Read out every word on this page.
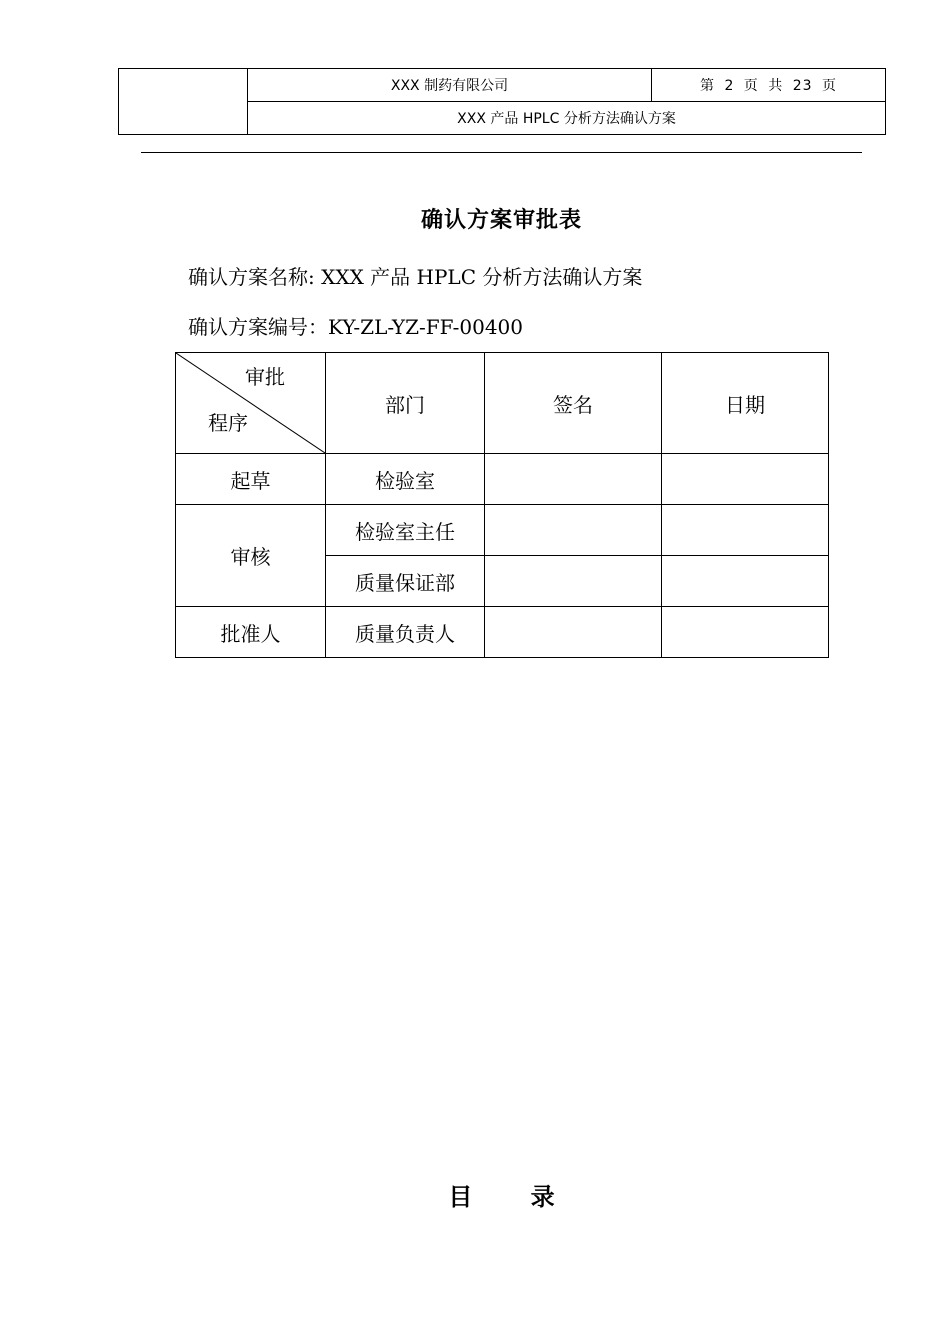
XXX 制药有限公司	第 2 页 共 23 页
XXX 产品 HPLC 分析方法确认方案
确认方案审批表
确认方案名称: XXX 产品 HPLC 分析方法确认方案
确认方案编号：KY-ZL-YZ-FF-00400
审批
程序	部门	签名	日期
起草	检验室		
审核	检验室主任		
	质量保证部		
批准人	质量负责人		
目 录
